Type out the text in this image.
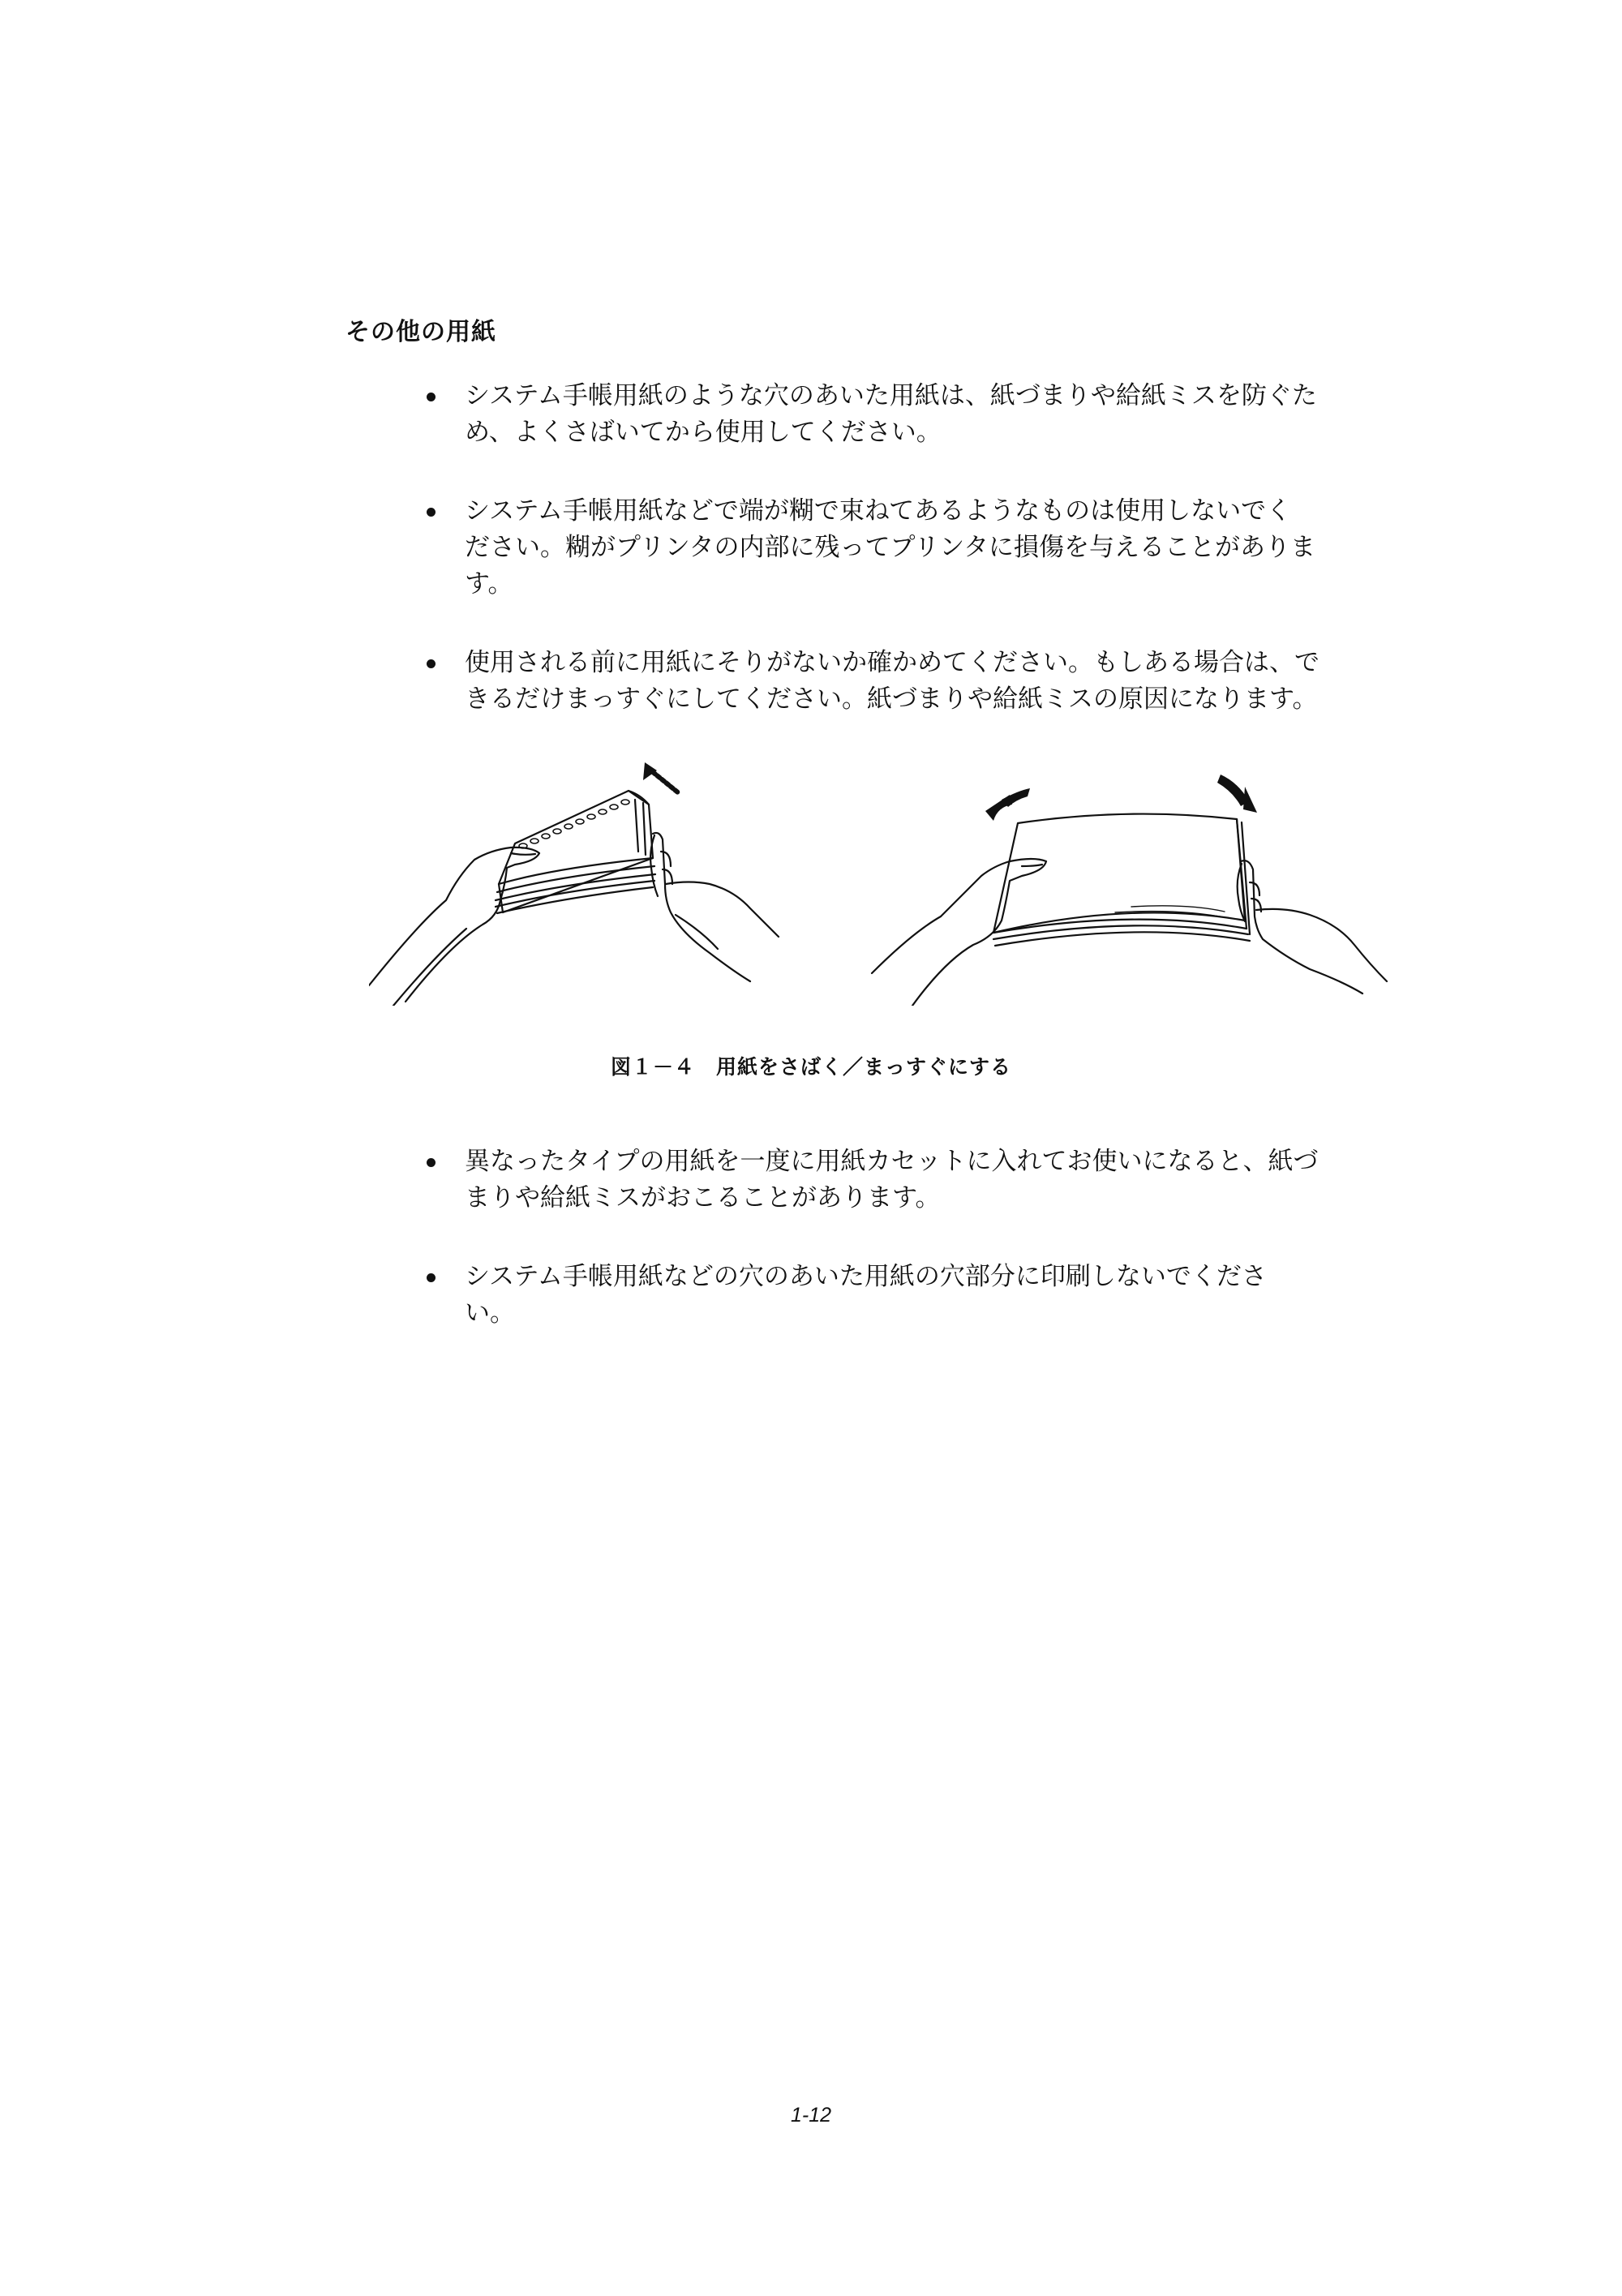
その他の用紙
システム手帳用紙のような穴のあいた用紙は、紙づまりや給紙ミスを防ぐた
め、よくさばいてから使用してください。
システム手帳用紙などで端が糊で束ねてあるようなものは使用しないでく
ださい。糊がプリンタの内部に残ってプリンタに損傷を与えることがありま
す。
使用される前に用紙にそりがないか確かめてください。もしある場合は、で
きるだけまっすぐにしてください。紙づまりや給紙ミスの原因になります。
図１－４　用紙をさばく／まっすぐにする
異なったタイプの用紙を一度に用紙カセットに入れてお使いになると、紙づ
まりや給紙ミスがおこることがあります。
システム手帳用紙などの穴のあいた用紙の穴部分に印刷しないでくださ
い。
1-12
